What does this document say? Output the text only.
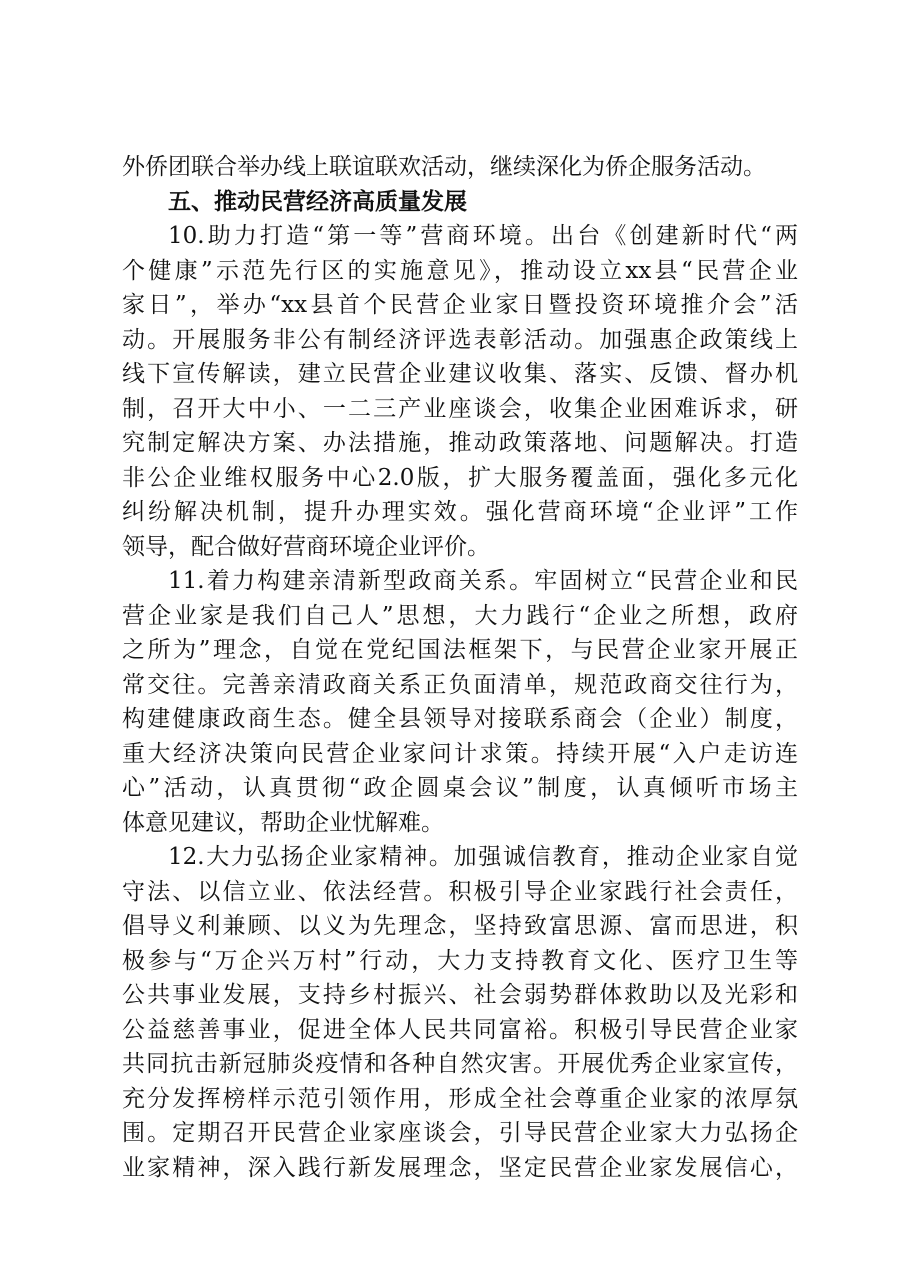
外侨团联合举办线上联谊联欢活动，继续深化为侨企服务活动。
五、推动民营经济高质量发展
10.助力打造“第一等”营商环境。出台《创建新时代“两
个健康”示范先行区的实施意见》，推动设立xx县“民营企业
家日”，举办“xx县首个民营企业家日暨投资环境推介会”活
动。开展服务非公有制经济评选表彰活动。加强惠企政策线上
线下宣传解读，建立民营企业建议收集、落实、反馈、督办机
制，召开大中小、一二三产业座谈会，收集企业困难诉求，研
究制定解决方案、办法措施，推动政策落地、问题解决。打造
非公企业维权服务中心2.0版，扩大服务覆盖面，强化多元化
纠纷解决机制，提升办理实效。强化营商环境“企业评”工作
领导，配合做好营商环境企业评价。
11.着力构建亲清新型政商关系。牢固树立“民营企业和民
营企业家是我们自己人”思想，大力践行“企业之所想，政府
之所为”理念，自觉在党纪国法框架下，与民营企业家开展正
常交往。完善亲清政商关系正负面清单，规范政商交往行为，
构建健康政商生态。健全县领导对接联系商会（企业）制度，
重大经济决策向民营企业家问计求策。持续开展“入户走访连
心”活动，认真贯彻“政企圆桌会议”制度，认真倾听市场主
体意见建议，帮助企业忧解难。
12.大力弘扬企业家精神。加强诚信教育，推动企业家自觉
守法、以信立业、依法经营。积极引导企业家践行社会责任，
倡导义利兼顾、以义为先理念，坚持致富思源、富而思进，积
极参与“万企兴万村”行动，大力支持教育文化、医疗卫生等
公共事业发展，支持乡村振兴、社会弱势群体救助以及光彩和
公益慈善事业，促进全体人民共同富裕。积极引导民营企业家
共同抗击新冠肺炎疫情和各种自然灾害。开展优秀企业家宣传，
充分发挥榜样示范引领作用，形成全社会尊重企业家的浓厚氛
围。定期召开民营企业家座谈会，引导民营企业家大力弘扬企
业家精神，深入践行新发展理念，坚定民营企业家发展信心，
